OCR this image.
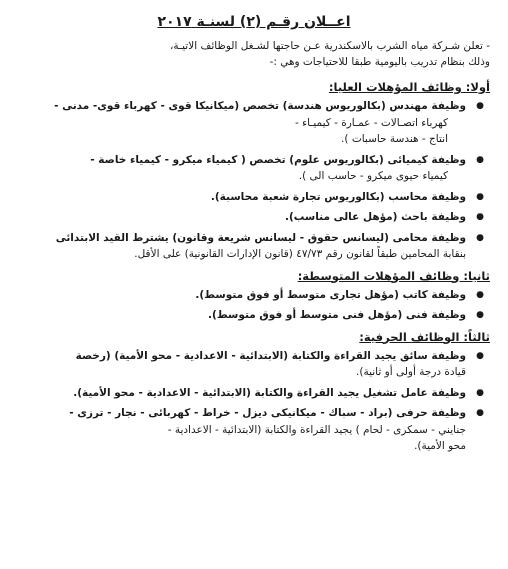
اعــلان رقـم (٢) لسنـة ٢٠١٧
- تعلن شـركة مياه الشرب بالاسكندرية عـن حاجتها لشـغل الوظائف الاتيـة،
وذلك بنظام تدريب باليومية طبقا للاحتياجات وهي :-
أولا: وظائف المؤهلات العليا:
● وظيفة مهندس (بكالوريوس هندسة) تخصص (ميكانيكا قوى - كهرباء قوى- مدنى -
كهرباء اتصـالات - عمـارة - كيميـاء -
انتاج - هندسة حاسبات ).
● وظيفة كيميائى (بكالوريوس علوم) تخصص ( كيمياء ميكرو - كيمياء خاصة -
كيمياء حيوى ميكرو - حاسب الى ).
● وظيفة محاسب (بكالوريوس تجارة شعبة محاسبة).
● وظيفة باحث (مؤهل عالى مناسب).
● وظيفة محامى (ليسانس حقوق - ليسانس شريعة وقانون) يشترط القيد الابتدائى
بنقابة المحامين طبقاً لقانون رقم ٤٧/٧٣ (قانون الإدارات القانونية) على الأقل.
ثانيا: وظائف المؤهلات المتوسطة:
● وظيفة كاتب (مؤهل تجارى متوسط أو فوق متوسط).
● وظيفة فنى (مؤهل فنى متوسط أو فوق متوسط).
ثالثاً: الوظائف الحرفية:
● وظيفة سائق يجيد القراءة والكتابة (الابتدائية - الاعدادية - محو الأمية) (رخصة
قيادة درجة أولى أو ثانية).
● وظيفة عامل تشغيل يجيد القراءة والكتابة (الابتدائية - الاعدادية - محو الأمية).
● وظيفة حرفى (براد - سباك - ميكانيكى ديزل - خراط - كهربائى - نجار - ترزى -
جنايني - سمكرى - لحام ) يجيد القراءة والكتابة (الابتدائية - الاعدادية -
محو الأمية).
